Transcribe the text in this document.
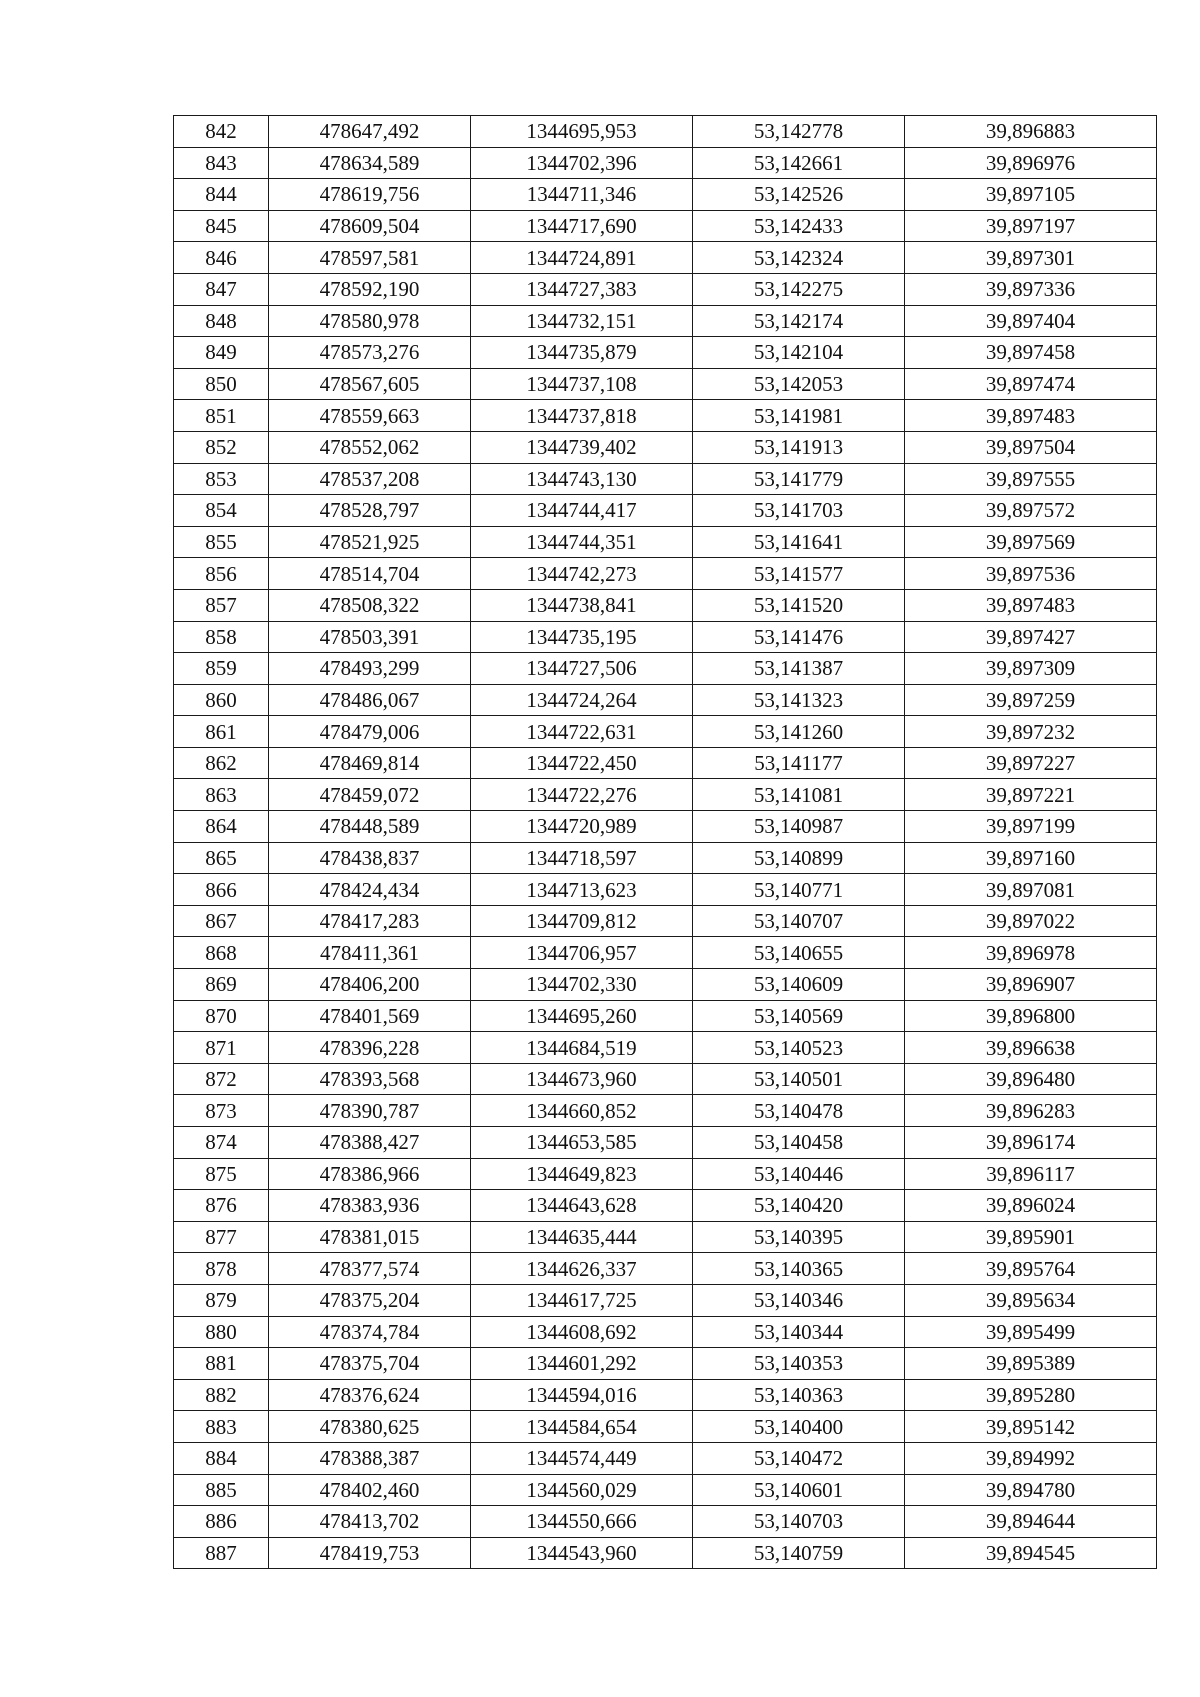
842	478647,492	1344695,953	53,142778	39,896883
843	478634,589	1344702,396	53,142661	39,896976
844	478619,756	1344711,346	53,142526	39,897105
845	478609,504	1344717,690	53,142433	39,897197
846	478597,581	1344724,891	53,142324	39,897301
847	478592,190	1344727,383	53,142275	39,897336
848	478580,978	1344732,151	53,142174	39,897404
849	478573,276	1344735,879	53,142104	39,897458
850	478567,605	1344737,108	53,142053	39,897474
851	478559,663	1344737,818	53,141981	39,897483
852	478552,062	1344739,402	53,141913	39,897504
853	478537,208	1344743,130	53,141779	39,897555
854	478528,797	1344744,417	53,141703	39,897572
855	478521,925	1344744,351	53,141641	39,897569
856	478514,704	1344742,273	53,141577	39,897536
857	478508,322	1344738,841	53,141520	39,897483
858	478503,391	1344735,195	53,141476	39,897427
859	478493,299	1344727,506	53,141387	39,897309
860	478486,067	1344724,264	53,141323	39,897259
861	478479,006	1344722,631	53,141260	39,897232
862	478469,814	1344722,450	53,141177	39,897227
863	478459,072	1344722,276	53,141081	39,897221
864	478448,589	1344720,989	53,140987	39,897199
865	478438,837	1344718,597	53,140899	39,897160
866	478424,434	1344713,623	53,140771	39,897081
867	478417,283	1344709,812	53,140707	39,897022
868	478411,361	1344706,957	53,140655	39,896978
869	478406,200	1344702,330	53,140609	39,896907
870	478401,569	1344695,260	53,140569	39,896800
871	478396,228	1344684,519	53,140523	39,896638
872	478393,568	1344673,960	53,140501	39,896480
873	478390,787	1344660,852	53,140478	39,896283
874	478388,427	1344653,585	53,140458	39,896174
875	478386,966	1344649,823	53,140446	39,896117
876	478383,936	1344643,628	53,140420	39,896024
877	478381,015	1344635,444	53,140395	39,895901
878	478377,574	1344626,337	53,140365	39,895764
879	478375,204	1344617,725	53,140346	39,895634
880	478374,784	1344608,692	53,140344	39,895499
881	478375,704	1344601,292	53,140353	39,895389
882	478376,624	1344594,016	53,140363	39,895280
883	478380,625	1344584,654	53,140400	39,895142
884	478388,387	1344574,449	53,140472	39,894992
885	478402,460	1344560,029	53,140601	39,894780
886	478413,702	1344550,666	53,140703	39,894644
887	478419,753	1344543,960	53,140759	39,894545
